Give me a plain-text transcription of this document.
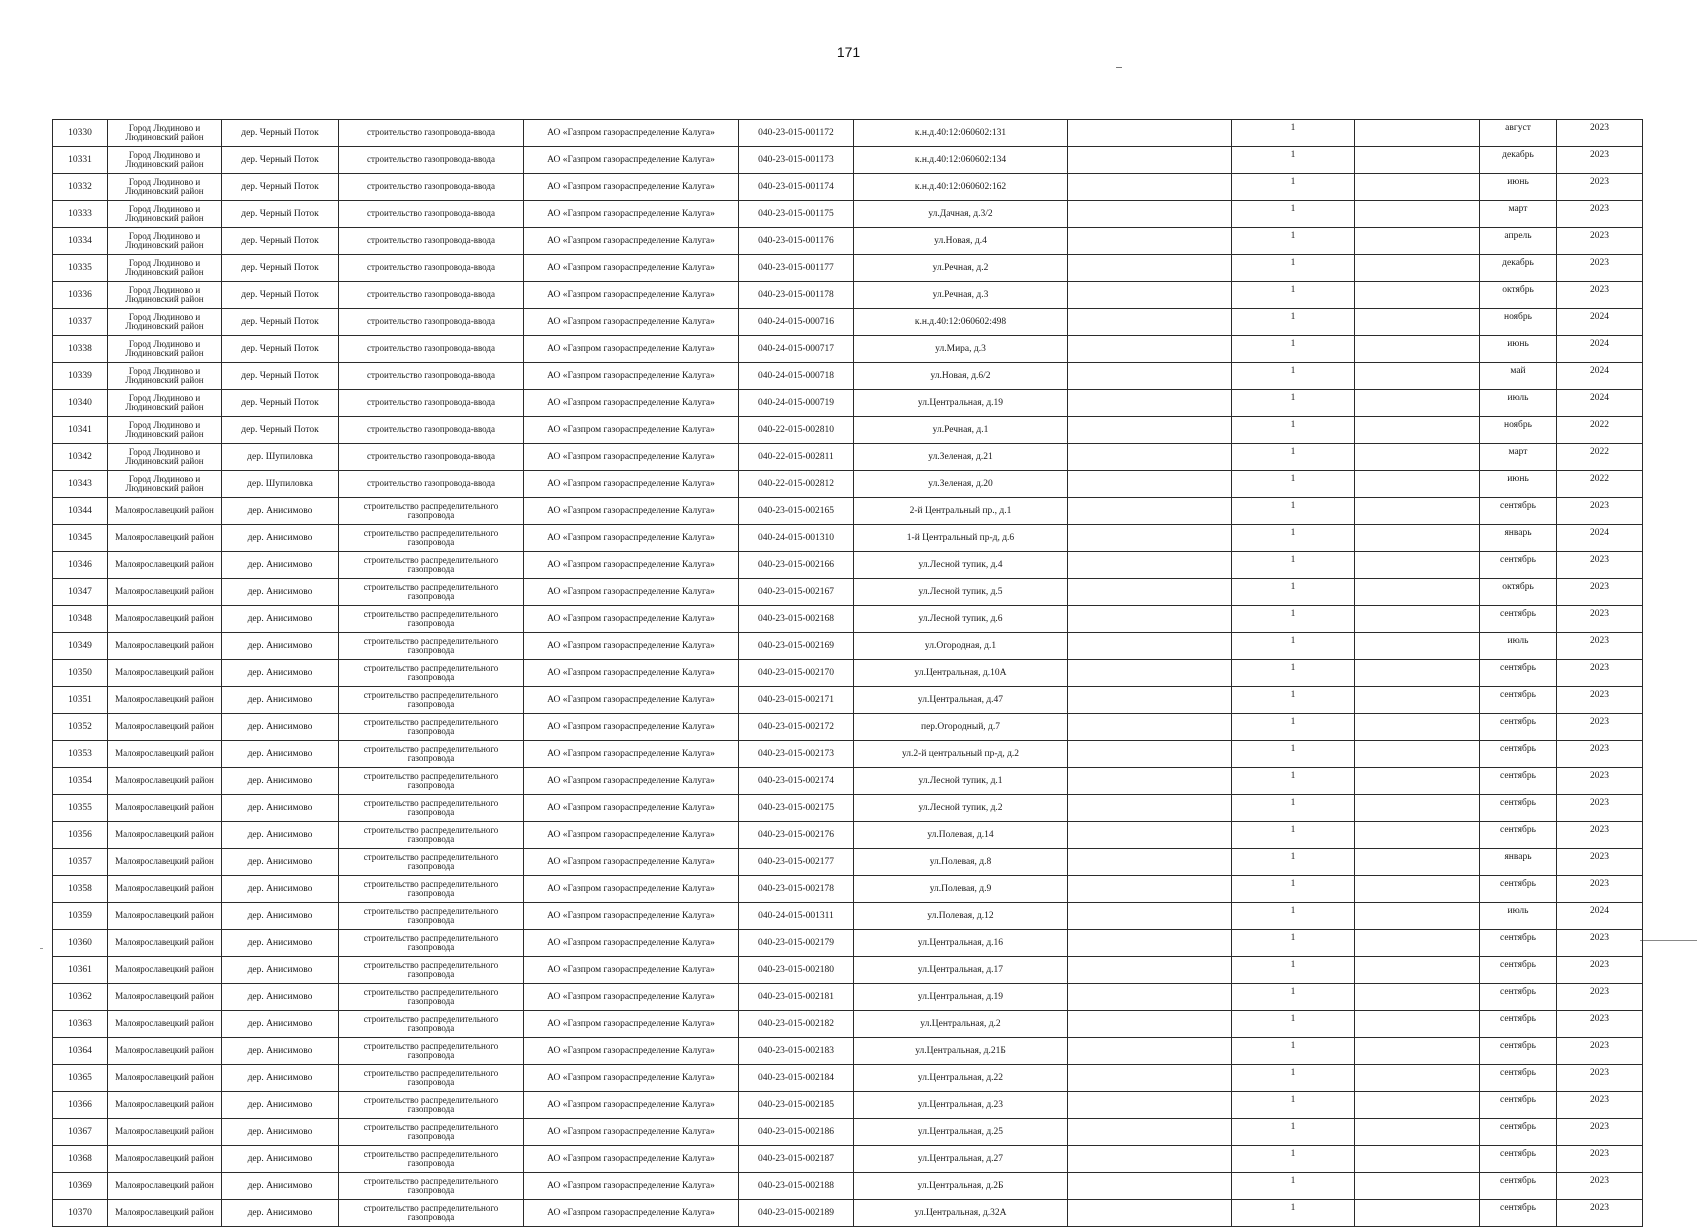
171
10330	Город Людиново и Людиновский район	дер. Черный Поток	строительство газопровода-ввода	АО «Газпром газораспределение Калуга»	040-23-015-001172	к.н.д.40:12:060602:131		1		август	2023
10331	Город Людиново и Людиновский район	дер. Черный Поток	строительство газопровода-ввода	АО «Газпром газораспределение Калуга»	040-23-015-001173	к.н.д.40:12:060602:134		1		декабрь	2023
10332	Город Людиново и Людиновский район	дер. Черный Поток	строительство газопровода-ввода	АО «Газпром газораспределение Калуга»	040-23-015-001174	к.н.д.40:12:060602:162		1		июнь	2023
10333	Город Людиново и Людиновский район	дер. Черный Поток	строительство газопровода-ввода	АО «Газпром газораспределение Калуга»	040-23-015-001175	ул.Дачная, д.3/2		1		март	2023
10334	Город Людиново и Людиновский район	дер. Черный Поток	строительство газопровода-ввода	АО «Газпром газораспределение Калуга»	040-23-015-001176	ул.Новая, д.4		1		апрель	2023
10335	Город Людиново и Людиновский район	дер. Черный Поток	строительство газопровода-ввода	АО «Газпром газораспределение Калуга»	040-23-015-001177	ул.Речная, д.2		1		декабрь	2023
10336	Город Людиново и Людиновский район	дер. Черный Поток	строительство газопровода-ввода	АО «Газпром газораспределение Калуга»	040-23-015-001178	ул.Речная, д.3		1		октябрь	2023
10337	Город Людиново и Людиновский район	дер. Черный Поток	строительство газопровода-ввода	АО «Газпром газораспределение Калуга»	040-24-015-000716	к.н.д.40:12:060602:498		1		ноябрь	2024
10338	Город Людиново и Людиновский район	дер. Черный Поток	строительство газопровода-ввода	АО «Газпром газораспределение Калуга»	040-24-015-000717	ул.Мира, д.3		1		июнь	2024
10339	Город Людиново и Людиновский район	дер. Черный Поток	строительство газопровода-ввода	АО «Газпром газораспределение Калуга»	040-24-015-000718	ул.Новая, д.6/2		1		май	2024
10340	Город Людиново и Людиновский район	дер. Черный Поток	строительство газопровода-ввода	АО «Газпром газораспределение Калуга»	040-24-015-000719	ул.Центральная, д.19		1		июль	2024
10341	Город Людиново и Людиновский район	дер. Черный Поток	строительство газопровода-ввода	АО «Газпром газораспределение Калуга»	040-22-015-002810	ул.Речная, д.1		1		ноябрь	2022
10342	Город Людиново и Людиновский район	дер. Шупиловка	строительство газопровода-ввода	АО «Газпром газораспределение Калуга»	040-22-015-002811	ул.Зеленая, д.21		1		март	2022
10343	Город Людиново и Людиновский район	дер. Шупиловка	строительство газопровода-ввода	АО «Газпром газораспределение Калуга»	040-22-015-002812	ул.Зеленая, д.20		1		июнь	2022
10344	Малоярославецкий район	дер. Анисимово	строительство распределительного газопровода	АО «Газпром газораспределение Калуга»	040-23-015-002165	2-й Центральный пр., д.1		1		сентябрь	2023
10345	Малоярославецкий район	дер. Анисимово	строительство распределительного газопровода	АО «Газпром газораспределение Калуга»	040-24-015-001310	1-й Центральный пр-д, д.6		1		январь	2024
10346	Малоярославецкий район	дер. Анисимово	строительство распределительного газопровода	АО «Газпром газораспределение Калуга»	040-23-015-002166	ул.Лесной тупик, д.4		1		сентябрь	2023
10347	Малоярославецкий район	дер. Анисимово	строительство распределительного газопровода	АО «Газпром газораспределение Калуга»	040-23-015-002167	ул.Лесной тупик, д.5		1		октябрь	2023
10348	Малоярославецкий район	дер. Анисимово	строительство распределительного газопровода	АО «Газпром газораспределение Калуга»	040-23-015-002168	ул.Лесной тупик, д.6		1		сентябрь	2023
10349	Малоярославецкий район	дер. Анисимово	строительство распределительного газопровода	АО «Газпром газораспределение Калуга»	040-23-015-002169	ул.Огородная, д.1		1		июль	2023
10350	Малоярославецкий район	дер. Анисимово	строительство распределительного газопровода	АО «Газпром газораспределение Калуга»	040-23-015-002170	ул.Центральная, д.10А		1		сентябрь	2023
10351	Малоярославецкий район	дер. Анисимово	строительство распределительного газопровода	АО «Газпром газораспределение Калуга»	040-23-015-002171	ул.Центральная, д.47		1		сентябрь	2023
10352	Малоярославецкий район	дер. Анисимово	строительство распределительного газопровода	АО «Газпром газораспределение Калуга»	040-23-015-002172	пер.Огородный, д.7		1		сентябрь	2023
10353	Малоярославецкий район	дер. Анисимово	строительство распределительного газопровода	АО «Газпром газораспределение Калуга»	040-23-015-002173	ул.2-й центральный пр-д, д.2		1		сентябрь	2023
10354	Малоярославецкий район	дер. Анисимово	строительство распределительного газопровода	АО «Газпром газораспределение Калуга»	040-23-015-002174	ул.Лесной тупик, д.1		1		сентябрь	2023
10355	Малоярославецкий район	дер. Анисимово	строительство распределительного газопровода	АО «Газпром газораспределение Калуга»	040-23-015-002175	ул.Лесной тупик, д.2		1		сентябрь	2023
10356	Малоярославецкий район	дер. Анисимово	строительство распределительного газопровода	АО «Газпром газораспределение Калуга»	040-23-015-002176	ул.Полевая, д.14		1		сентябрь	2023
10357	Малоярославецкий район	дер. Анисимово	строительство распределительного газопровода	АО «Газпром газораспределение Калуга»	040-23-015-002177	ул.Полевая, д.8		1		январь	2023
10358	Малоярославецкий район	дер. Анисимово	строительство распределительного газопровода	АО «Газпром газораспределение Калуга»	040-23-015-002178	ул.Полевая, д.9		1		сентябрь	2023
10359	Малоярославецкий район	дер. Анисимово	строительство распределительного газопровода	АО «Газпром газораспределение Калуга»	040-24-015-001311	ул.Полевая, д.12		1		июль	2024
10360	Малоярославецкий район	дер. Анисимово	строительство распределительного газопровода	АО «Газпром газораспределение Калуга»	040-23-015-002179	ул.Центральная, д.16		1		сентябрь	2023
10361	Малоярославецкий район	дер. Анисимово	строительство распределительного газопровода	АО «Газпром газораспределение Калуга»	040-23-015-002180	ул.Центральная, д.17		1		сентябрь	2023
10362	Малоярославецкий район	дер. Анисимово	строительство распределительного газопровода	АО «Газпром газораспределение Калуга»	040-23-015-002181	ул.Центральная, д.19		1		сентябрь	2023
10363	Малоярославецкий район	дер. Анисимово	строительство распределительного газопровода	АО «Газпром газораспределение Калуга»	040-23-015-002182	ул.Центральная, д.2		1		сентябрь	2023
10364	Малоярославецкий район	дер. Анисимово	строительство распределительного газопровода	АО «Газпром газораспределение Калуга»	040-23-015-002183	ул.Центральная, д.21Б		1		сентябрь	2023
10365	Малоярославецкий район	дер. Анисимово	строительство распределительного газопровода	АО «Газпром газораспределение Калуга»	040-23-015-002184	ул.Центральная, д.22		1		сентябрь	2023
10366	Малоярославецкий район	дер. Анисимово	строительство распределительного газопровода	АО «Газпром газораспределение Калуга»	040-23-015-002185	ул.Центральная, д.23		1		сентябрь	2023
10367	Малоярославецкий район	дер. Анисимово	строительство распределительного газопровода	АО «Газпром газораспределение Калуга»	040-23-015-002186	ул.Центральная, д.25		1		сентябрь	2023
10368	Малоярославецкий район	дер. Анисимово	строительство распределительного газопровода	АО «Газпром газораспределение Калуга»	040-23-015-002187	ул.Центральная, д.27		1		сентябрь	2023
10369	Малоярославецкий район	дер. Анисимово	строительство распределительного газопровода	АО «Газпром газораспределение Калуга»	040-23-015-002188	ул.Центральная, д.2Б		1		сентябрь	2023
10370	Малоярославецкий район	дер. Анисимово	строительство распределительного газопровода	АО «Газпром газораспределение Калуга»	040-23-015-002189	ул.Центральная, д.32А		1		сентябрь	2023
